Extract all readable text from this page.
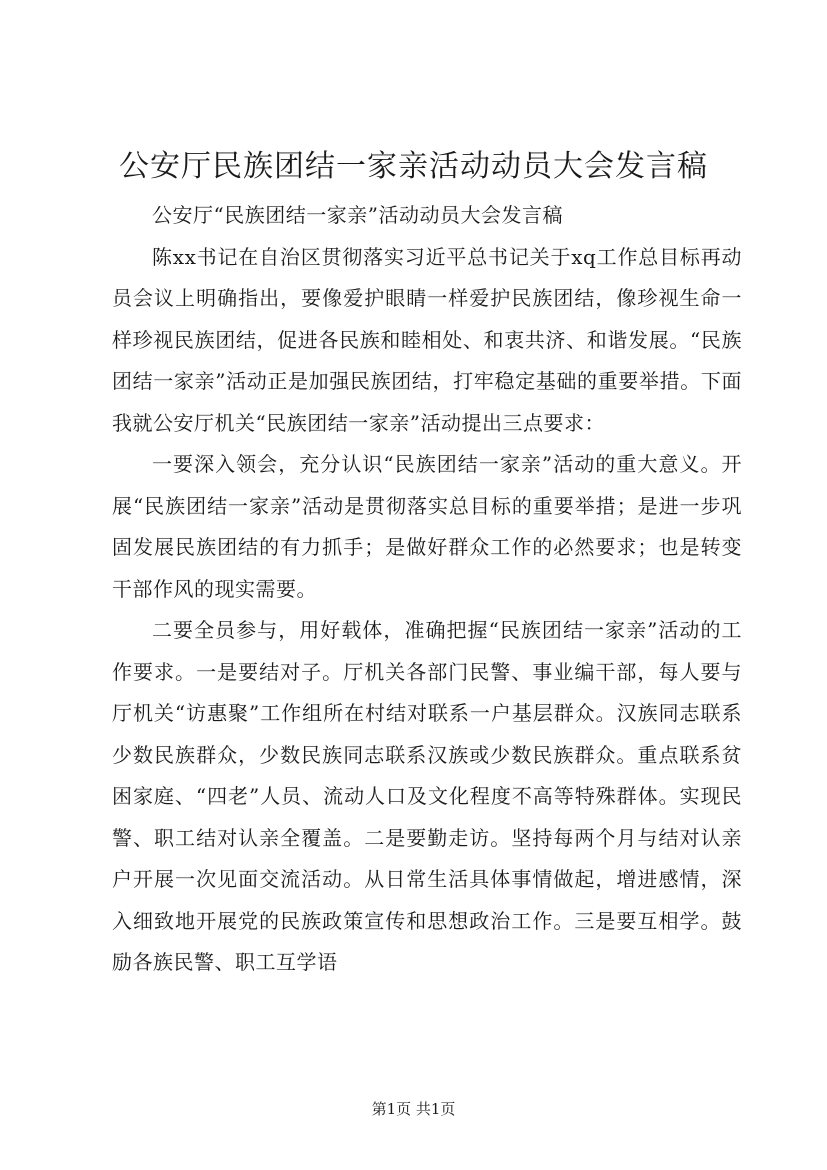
公安厅民族团结一家亲活动动员大会发言稿

公安厅“民族团结一家亲”活动动员大会发言稿

陈xx书记在自治区贯彻落实习近平总书记关于xq工作总目标再动员会议上明确指出，要像爱护眼睛一样爱护民族团结，像珍视生命一样珍视民族团结，促进各民族和睦相处、和衷共济、和谐发展。“民族团结一家亲”活动正是加强民族团结，打牢稳定基础的重要举措。下面我就公安厅机关“民族团结一家亲”活动提出三点要求：

一要深入领会，充分认识“民族团结一家亲”活动的重大意义。开展“民族团结一家亲”活动是贯彻落实总目标的重要举措；是进一步巩固发展民族团结的有力抓手；是做好群众工作的必然要求；也是转变干部作风的现实需要。

二要全员参与，用好载体，准确把握“民族团结一家亲”活动的工作要求。一是要结对子。厅机关各部门民警、事业编干部，每人要与厅机关“访惠聚”工作组所在村结对联系一户基层群众。汉族同志联系少数民族群众，少数民族同志联系汉族或少数民族群众。重点联系贫困家庭、“四老”人员、流动人口及文化程度不高等特殊群体。实现民警、职工结对认亲全覆盖。二是要勤走访。坚持每两个月与结对认亲户开展一次见面交流活动。从日常生活具体事情做起，增进感情，深入细致地开展党的民族政策宣传和思想政治工作。三是要互相学。鼓励各族民警、职工互学语

第1页 共1页
